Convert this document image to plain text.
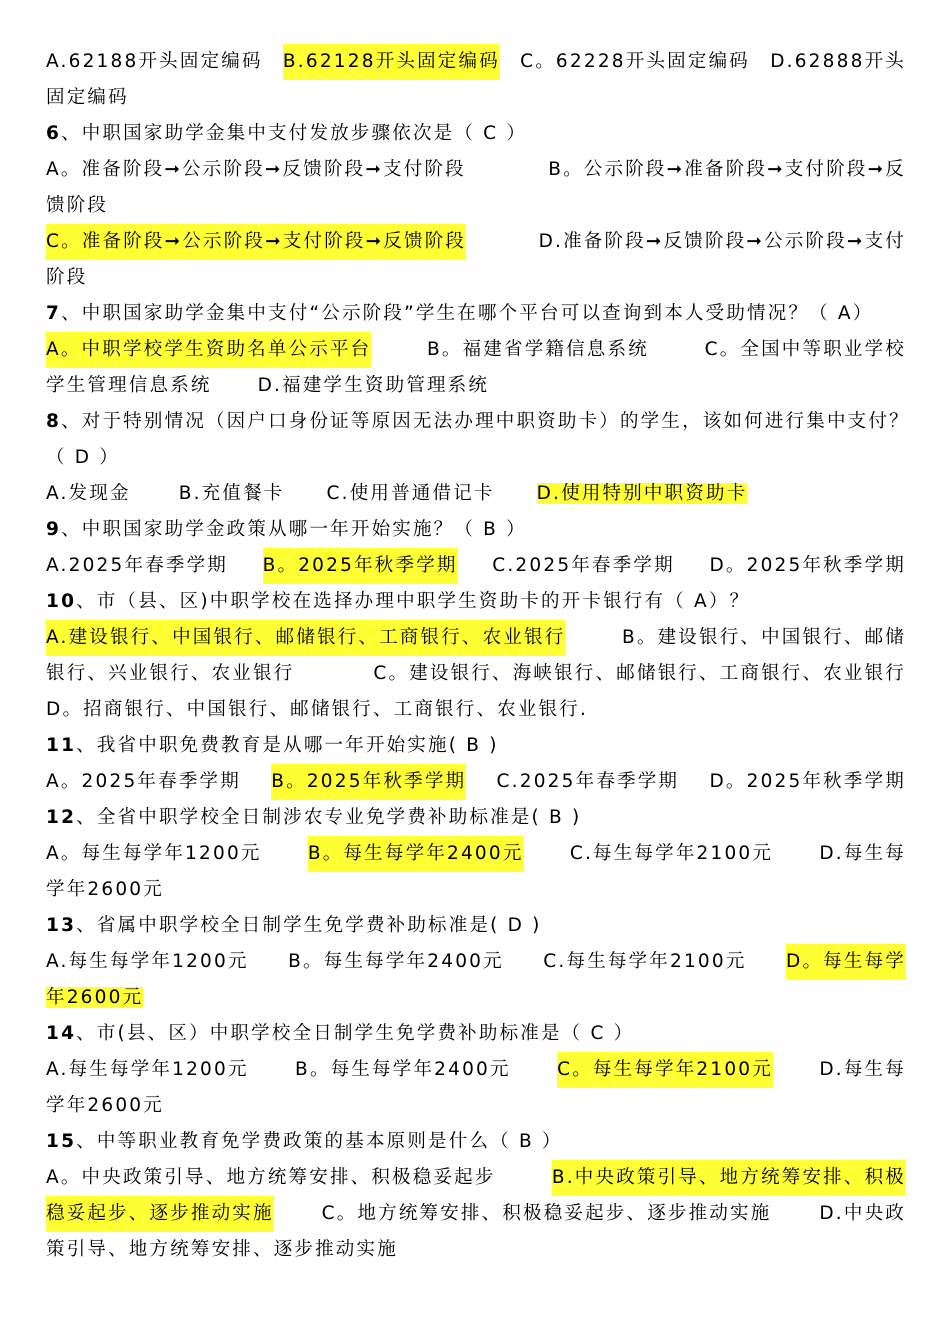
A.62188开头固定编码 B.62128开头固定编码 C。62228开头固定编码 D.62888开头
固定编码
6、中职国家助学金集中支付发放步骤依次是（ C ）
A。准备阶段➞公示阶段➞反馈阶段➞支付阶段	B。公示阶段➞准备阶段➞支付阶段➞反
馈阶段
C。准备阶段➞公示阶段➞支付阶段➞反馈阶段	D.准备阶段➞反馈阶段➞公示阶段➞支付
阶段
7、中职国家助学金集中支付“公示阶段”学生在哪个平台可以查询到本人受助情况？（ A）
A。中职学校学生资助名单公示平台	B。福建省学籍信息系统	C。全国中等职业学校
学生管理信息系统 D.福建学生资助管理系统
8、对于特别情况（因户口身份证等原因无法办理中职资助卡）的学生，该如何进行集中支付？
（ D ）
A.发现金	B.充值餐卡 C.使用普通借记卡 D.使用特别中职资助卡
9、中职国家助学金政策从哪一年开始实施？（ B ）
A.2025年春季学期 B。2025年秋季学期 C.2025年春季学期 D。2025年秋季学期
10、市（县、区)中职学校在选择办理中职学生资助卡的开卡银行有（ A）？
A.建设银行、中国银行、邮储银行、工商银行、农业银行	B。建设银行、中国银行、邮储
银行、兴业银行、农业银行	C。建设银行、海峡银行、邮储银行、工商银行、农业银行
D。招商银行、中国银行、邮储银行、工商银行、农业银行.
11、我省中职免费教育是从哪一年开始实施( B )
A。2025年春季学期 B。2025年秋季学期 C.2025年春季学期 D。2025年秋季学期
12、全省中职学校全日制涉农专业免学费补助标准是( B )
A。每生每学年1200元	B。每生每学年2400元	C.每生每学年2100元	D.每生每
学年2600元
13、省属中职学校全日制学生免学费补助标准是( D )
A.每生每学年1200元 B。每生每学年2400元 C.每生每学年2100元 D。每生每学
年2600元
14、市(县、区）中职学校全日制学生免学费补助标准是（ C ）
A.每生每学年1200元	B。每生每学年2400元	C。每生每学年2100元	D.每生每
学年2600元
15、中等职业教育免学费政策的基本原则是什么（ B ）
A。中央政策引导、地方统筹安排、积极稳妥起步	B.中央政策引导、地方统筹安排、积极
稳妥起步、逐步推动实施	C。地方统筹安排、积极稳妥起步、逐步推动实施	D.中央政
策引导、地方统筹安排、逐步推动实施
